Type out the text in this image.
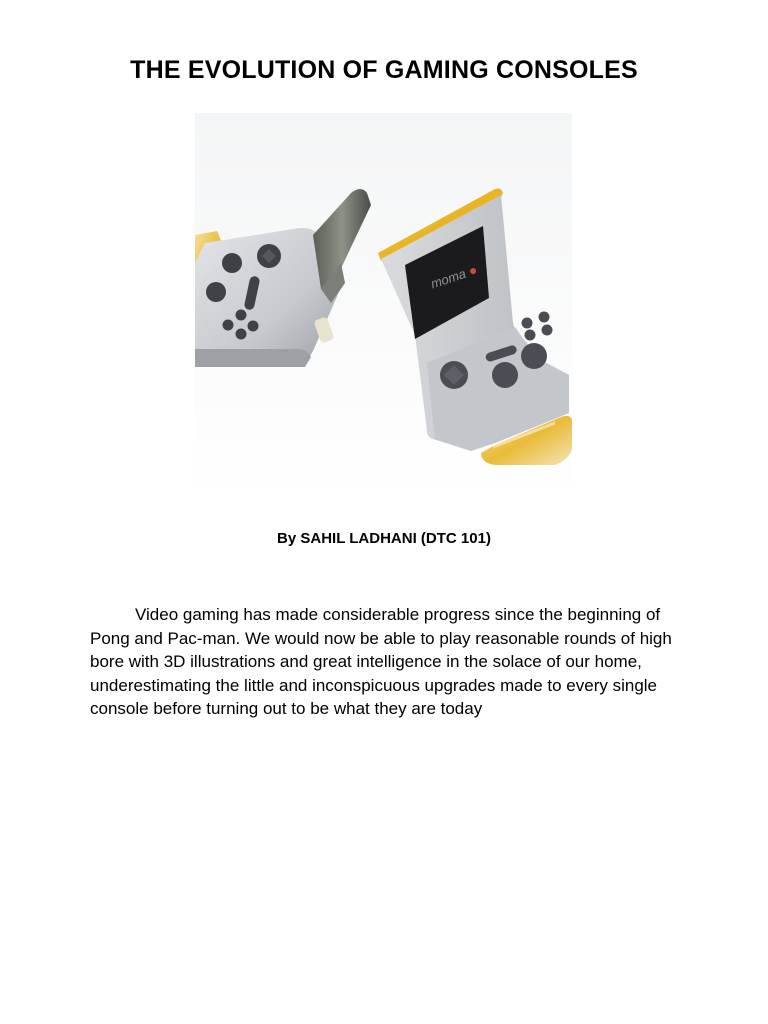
THE EVOLUTION OF GAMING CONSOLES
moma
By SAHIL LADHANI (DTC 101)

Video gaming has made considerable progress since the beginning of
Pong and Pac-man. We would now be able to play reasonable rounds of high
bore with 3D illustrations and great intelligence in the solace of our home,
underestimating the little and inconspicuous upgrades made to every single
console before turning out to be what they are today
